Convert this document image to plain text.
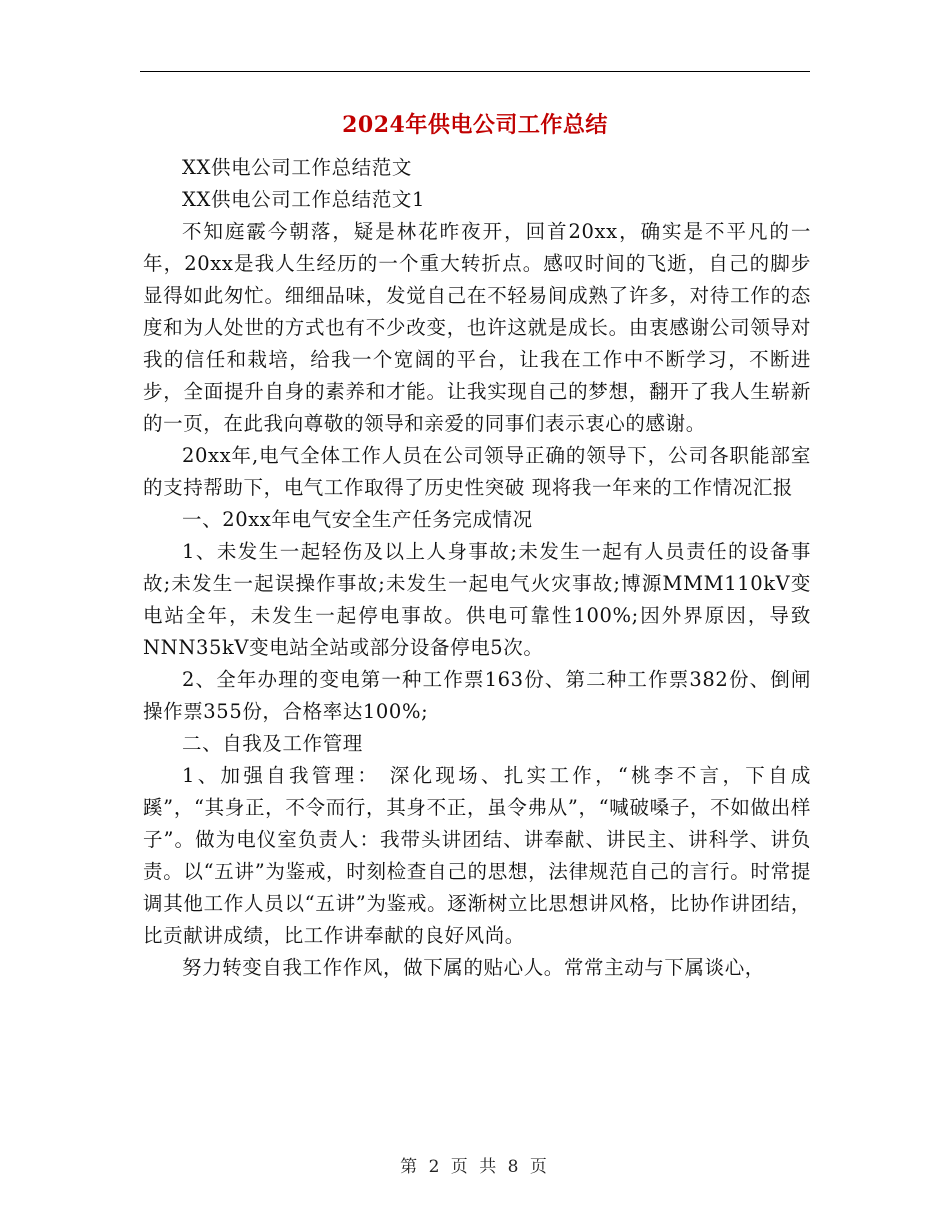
2024年供电公司工作总结

XX供电公司工作总结范文

XX供电公司工作总结范文1

不知庭霰今朝落，疑是林花昨夜开，回首20xx，确实是不平凡的一年，20xx是我人生经历的一个重大转折点。感叹时间的飞逝，自己的脚步显得如此匆忙。细细品味，发觉自己在不轻易间成熟了许多，对待工作的态度和为人处世的方式也有不少改变，也许这就是成长。由衷感谢公司领导对我的信任和栽培，给我一个宽阔的平台，让我在工作中不断学习，不断进步，全面提升自身的素养和才能。让我实现自己的梦想，翻开了我人生崭新的一页，在此我向尊敬的领导和亲爱的同事们表示衷心的感谢。

20xx年,电气全体工作人员在公司领导正确的领导下，公司各职能部室的支持帮助下，电气工作取得了历史性突破 现将我一年来的工作情况汇报

一、20xx年电气安全生产任务完成情况

1、未发生一起轻伤及以上人身事故;未发生一起有人员责任的设备事故;未发生一起误操作事故;未发生一起电气火灾事故;博源MMM110kV变电站全年，未发生一起停电事故。供电可靠性100%;因外界原因，导致NNN35kV变电站全站或部分设备停电5次。

2、全年办理的变电第一种工作票163份、第二种工作票382份、倒闸操作票355份，合格率达100%;

二、自我及工作管理

1、加强自我管理： 深化现场、扎实工作，“桃李不言，下自成蹊”，“其身正，不令而行，其身不正，虽令弗从”，“喊破嗓子，不如做出样子”。做为电仪室负责人：我带头讲团结、讲奉献、讲民主、讲科学、讲负责。以“五讲”为鉴戒，时刻检查自己的思想，法律规范自己的言行。时常提调其他工作人员以“五讲”为鉴戒。逐渐树立比思想讲风格，比协作讲团结，比贡献讲成绩，比工作讲奉献的良好风尚。

努力转变自我工作作风，做下属的贴心人。常常主动与下属谈心，

第 2 页 共 8 页
